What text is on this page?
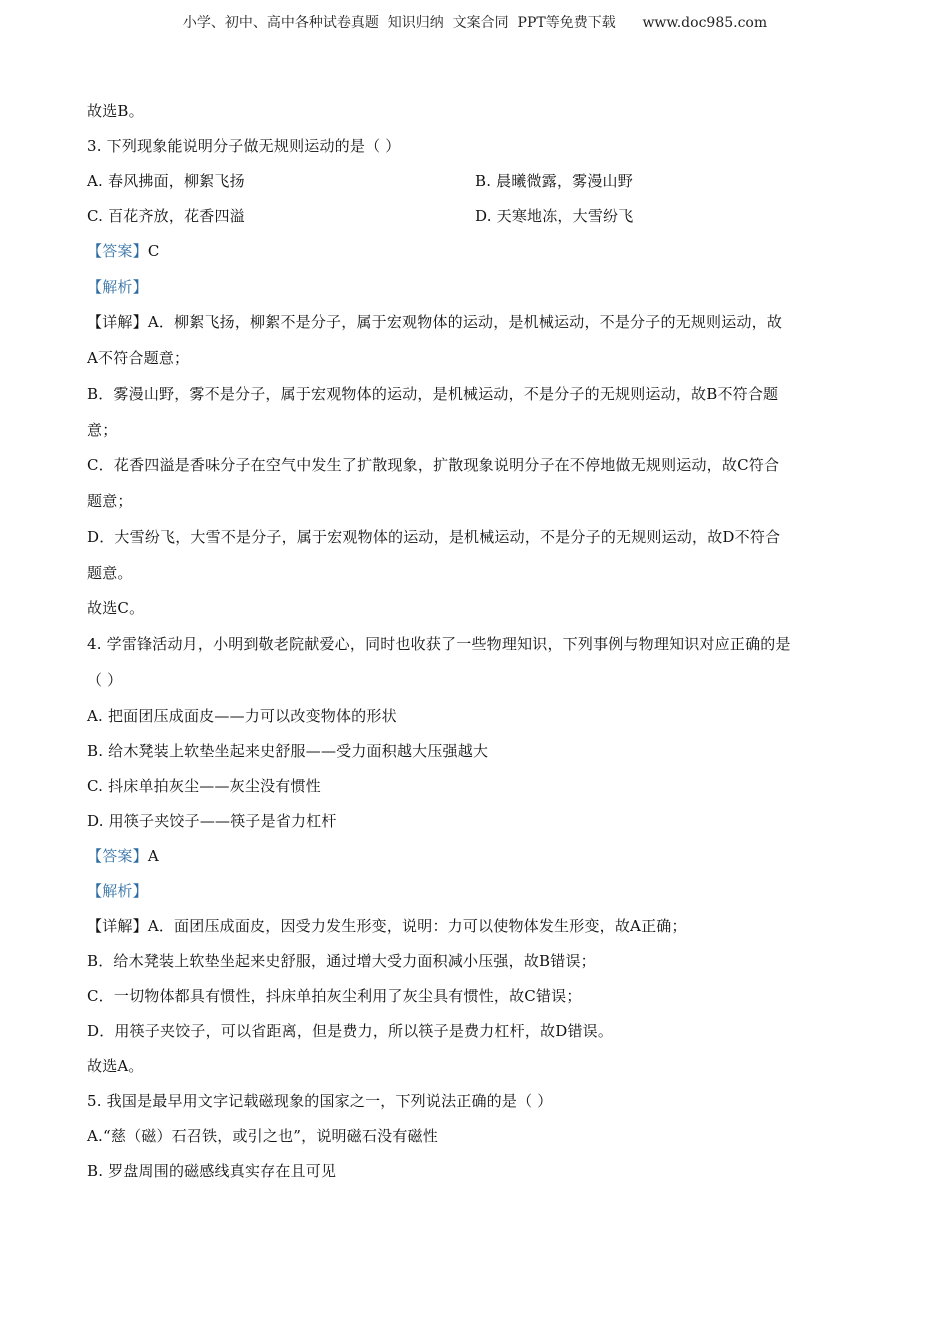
小学、初中、高中各种试卷真题  知识归纳  文案合同  PPT等免费下载      www.doc985.com
故选B。
3. 下列现象能说明分子做无规则运动的是（ ）
A. 春风拂面，柳絮飞扬	B. 晨曦微露，雾漫山野
C. 百花齐放，花香四溢	D. 天寒地冻，大雪纷飞
【答案】C
【解析】
【详解】A．柳絮飞扬，柳絮不是分子，属于宏观物体的运动，是机械运动，不是分子的无规则运动，故
A不符合题意；
B．雾漫山野，雾不是分子，属于宏观物体的运动，是机械运动，不是分子的无规则运动，故B不符合题
意；
C．花香四溢是香味分子在空气中发生了扩散现象，扩散现象说明分子在不停地做无规则运动，故C符合
题意；
D．大雪纷飞，大雪不是分子，属于宏观物体的运动，是机械运动，不是分子的无规则运动，故D不符合
题意。
故选C。
4. 学雷锋活动月，小明到敬老院献爱心，同时也收获了一些物理知识，下列事例与物理知识对应正确的是
（ ）
A. 把面团压成面皮——力可以改变物体的形状
B. 给木凳装上软垫坐起来史舒服——受力面积越大压强越大
C. 抖床单拍灰尘——灰尘没有惯性
D. 用筷子夹饺子——筷子是省力杠杆
【答案】A
【解析】
【详解】A．面团压成面皮，因受力发生形变，说明：力可以使物体发生形变，故A正确；
B．给木凳装上软垫坐起来史舒服，通过增大受力面积减小压强，故B错误；
C．一切物体都具有惯性，抖床单拍灰尘利用了灰尘具有惯性，故C错误；
D．用筷子夹饺子，可以省距离，但是费力，所以筷子是费力杠杆，故D错误。
故选A。
5. 我国是最早用文字记载磁现象的国家之一，下列说法正确的是（ ）
A.“慈（磁）石召铁，或引之也”，说明磁石没有磁性
B. 罗盘周围的磁感线真实存在且可见
